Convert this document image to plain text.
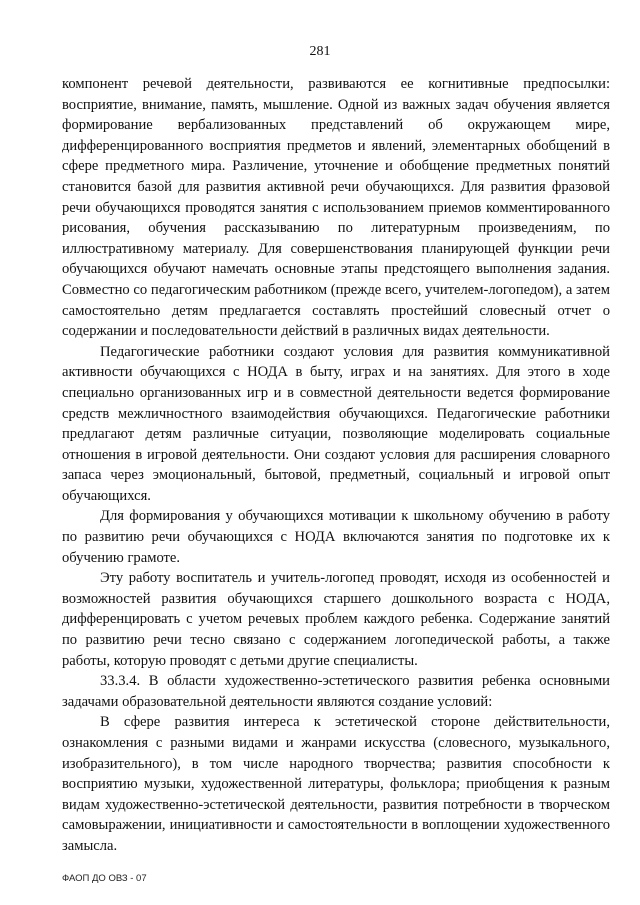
281

компонент речевой деятельности, развиваются ее когнитивные предпосылки: восприятие, внимание, память, мышление. Одной из важных задач обучения является формирование вербализованных представлений об окружающем мире, дифференцированного восприятия предметов и явлений, элементарных обобщений в сфере предметного мира. Различение, уточнение и обобщение предметных понятий становится базой для развития активной речи обучающихся. Для развития фразовой речи обучающихся проводятся занятия с использованием приемов комментированного рисования, обучения рассказыванию по литературным произведениям, по иллюстративному материалу. Для совершенствования планирующей функции речи обучающихся обучают намечать основные этапы предстоящего выполнения задания. Совместно со педагогическим работником (прежде всего, учителем-логопедом), а затем самостоятельно детям предлагается составлять простейший словесный отчет о содержании и последовательности действий в различных видах деятельности.

Педагогические работники создают условия для развития коммуникативной активности обучающихся с НОДА в быту, играх и на занятиях. Для этого в ходе специально организованных игр и в совместной деятельности ведется формирование средств межличностного взаимодействия обучающихся. Педагогические работники предлагают детям различные ситуации, позволяющие моделировать социальные отношения в игровой деятельности. Они создают условия для расширения словарного запаса через эмоциональный, бытовой, предметный, социальный и игровой опыт обучающихся.

Для формирования у обучающихся мотивации к школьному обучению в работу по развитию речи обучающихся с НОДА включаются занятия по подготовке их к обучению грамоте.

Эту работу воспитатель и учитель-логопед проводят, исходя из особенностей и возможностей развития обучающихся старшего дошкольного возраста с НОДА, дифференцировать с учетом речевых проблем каждого ребенка. Содержание занятий по развитию речи тесно связано с содержанием логопедической работы, а также работы, которую проводят с детьми другие специалисты.

33.3.4. В области художественно-эстетического развития ребенка основными задачами образовательной деятельности являются создание условий:

В сфере развития интереса к эстетической стороне действительности, ознакомления с разными видами и жанрами искусства (словесного, музыкального, изобразительного), в том числе народного творчества; развития способности к восприятию музыки, художественной литературы, фольклора; приобщения к разным видам художественно-эстетической деятельности, развития потребности в творческом самовыражении, инициативности и самостоятельности в воплощении художественного замысла.

ФАОП ДО ОВЗ - 07
